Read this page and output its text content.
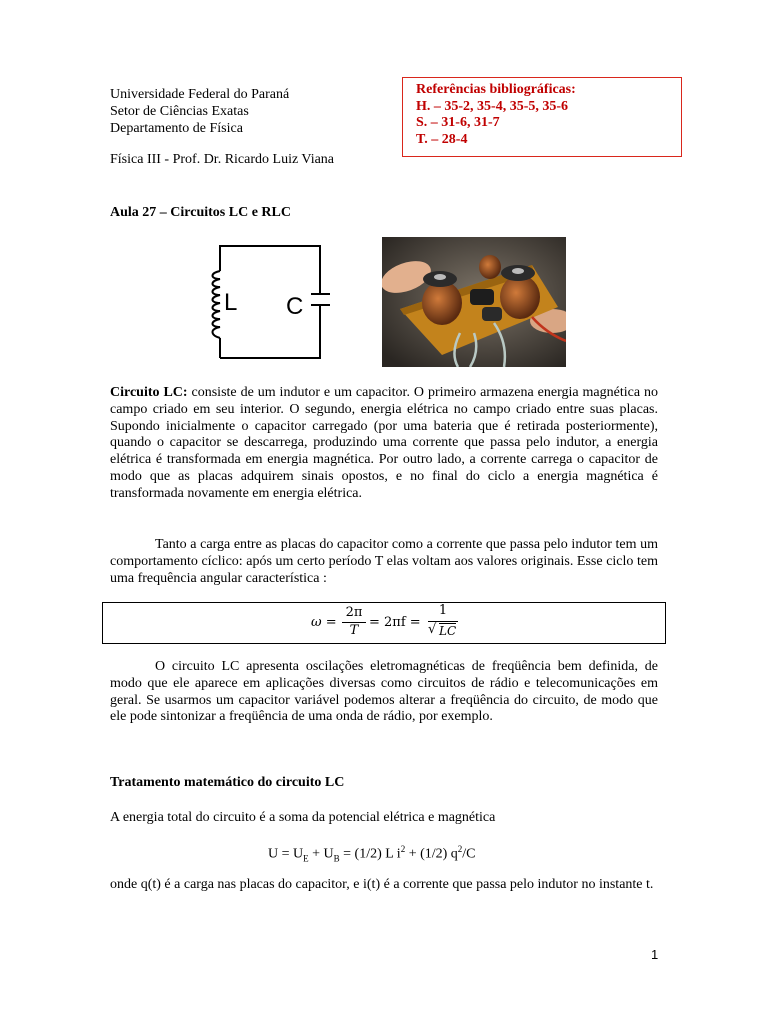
Universidade Federal do Paraná
Setor de Ciências Exatas
Departamento de Física
Física III - Prof. Dr. Ricardo Luiz Viana
Referências bibliográficas:
H. – 35-2, 35-4, 35-5, 35-6
S. – 31-6, 31-7
T. – 28-4
Aula 27 – Circuitos LC e RLC
L C
Circuito LC: consiste de um indutor e um capacitor. O primeiro armazena energia magnética no campo criado em seu interior. O segundo, energia elétrica no campo criado entre suas placas. Supondo inicialmente o capacitor carregado (por uma bateria que é retirada posteriormente), quando o capacitor se descarrega, produzindo uma corrente que passa pelo indutor, a energia elétrica é transformada em energia magnética. Por outro lado, a corrente carrega o capacitor de modo que as placas adquirem sinais opostos, e no final do ciclo a energia magnética é transformada novamente em energia elétrica.
Tanto a carga entre as placas do capacitor como a corrente que passa pelo indutor tem um comportamento cíclico: após um certo período T elas voltam aos valores originais. Esse ciclo tem uma frequência angular característica :
ω =
2π
T
= 2πf =
1
√ LC
O circuito LC apresenta oscilações eletromagnéticas de freqüência bem definida, de modo que ele aparece em aplicações diversas como circuitos de rádio e telecomunicações em geral. Se usarmos um capacitor variável podemos alterar a freqüência do circuito, de modo que ele pode sintonizar a freqüência de uma onda de rádio, por exemplo.
Tratamento matemático do circuito LC
A energia total do circuito é a soma da potencial elétrica e magnética
$U = U_E + U_B = (1/2)$ L $i^2 + (1/2)$ $q^2/C$
onde q(t) é a carga nas placas do capacitor, e i(t) é a corrente que passa pelo indutor no instante t.
1
